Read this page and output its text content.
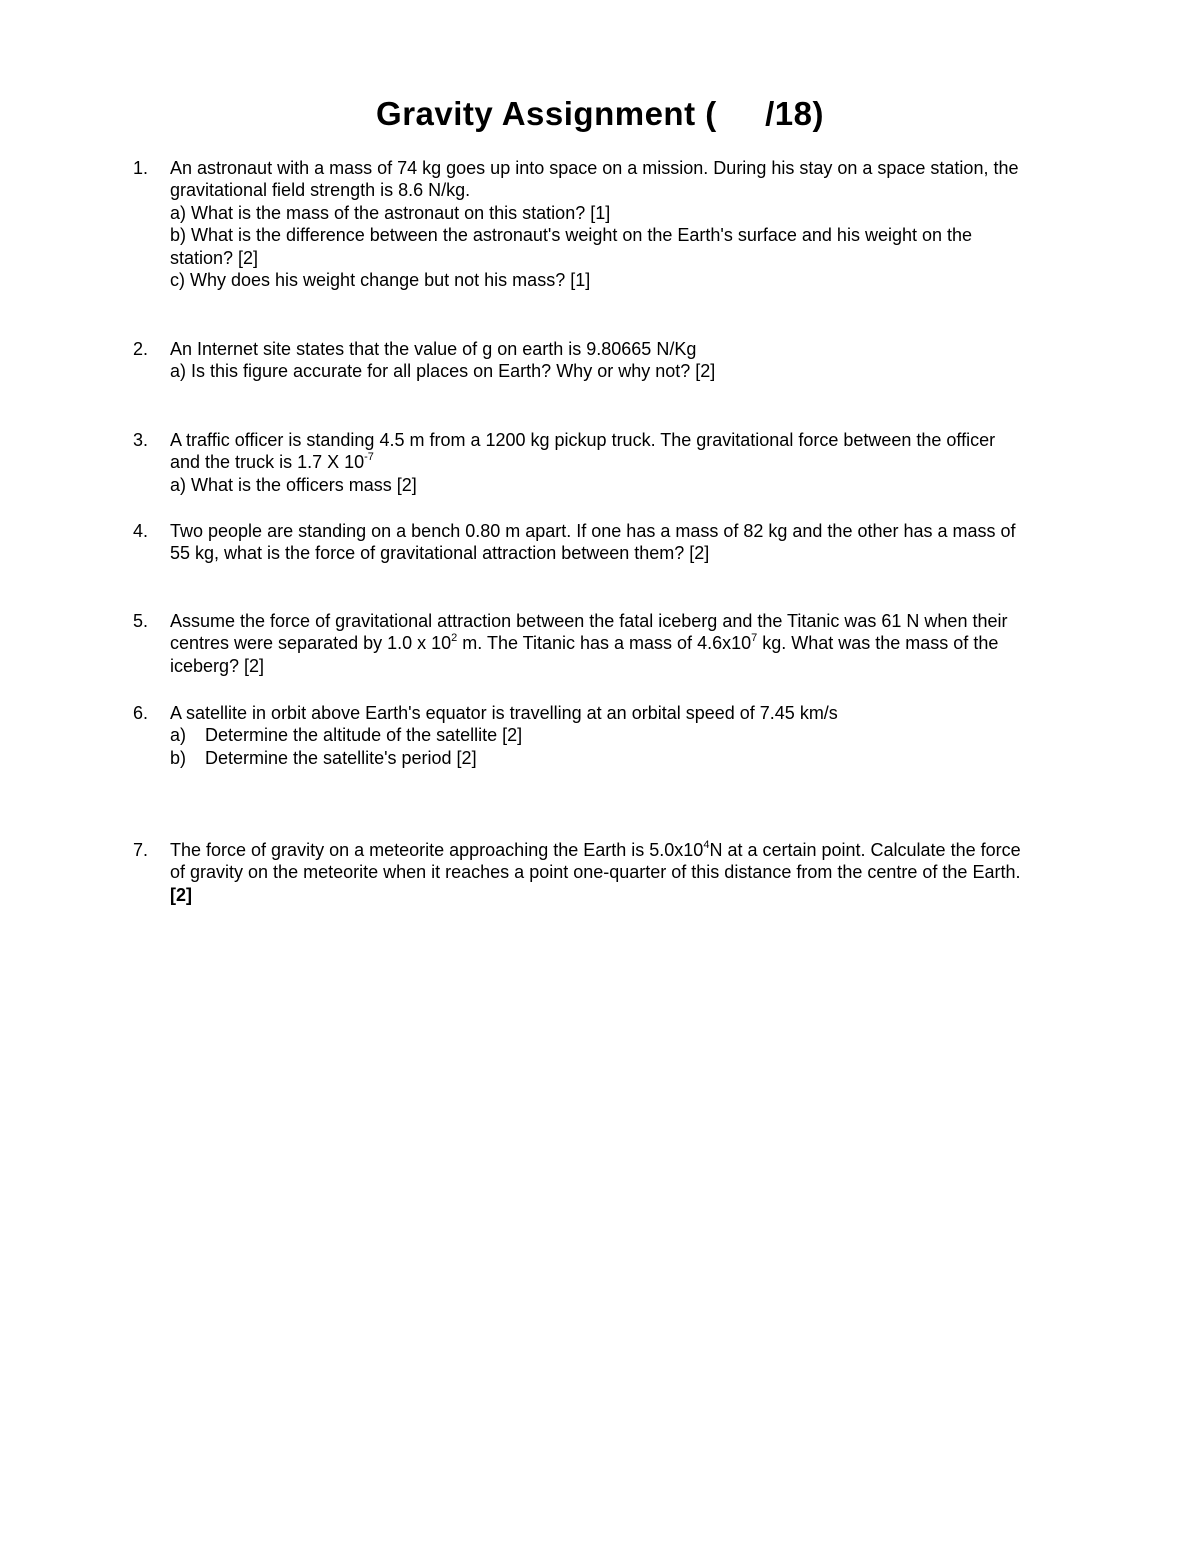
Gravity Assignment (     /18)
1.	An astronaut with a mass of 74 kg goes up into space on a mission. During his stay on a space station, the
gravitational field strength is 8.6 N/kg.
a) What is the mass of the astronaut on this station? [1]
b) What is the difference between the astronaut's weight on the Earth's surface and his weight on the
station? [2]
c) Why does his weight change but not his mass? [1]
2.	An Internet site states that the value of g on earth is 9.80665 N/Kg
a) Is this figure accurate for all places on Earth? Why or why not? [2]
3.	A traffic officer is standing 4.5 m from a 1200 kg pickup truck. The gravitational force between the officer
and the truck is 1.7 X $10^{-7}$
a) What is the officers mass [2]
4.	Two people are standing on a bench 0.80 m apart. If one has a mass of 82 kg and the other has a mass of
55 kg, what is the force of gravitational attraction between them? [2]
5.	Assume the force of gravitational attraction between the fatal iceberg and the Titanic was 61 N when their
centres were separated by 1.0 x $10^2$ m. The Titanic has a mass of $4.6x10^7$ kg. What was the mass of the
iceberg? [2]
6.	A satellite in orbit above Earth's equator is travelling at an orbital speed of 7.45 km/s
a) Determine the altitude of the satellite [2]
b) Determine the satellite's period [2]
7.	The force of gravity on a meteorite approaching the Earth is $5.0x10^4N$ at a certain point. Calculate the force
of gravity on the meteorite when it reaches a point one-quarter of this distance from the centre of the Earth.
[2]
